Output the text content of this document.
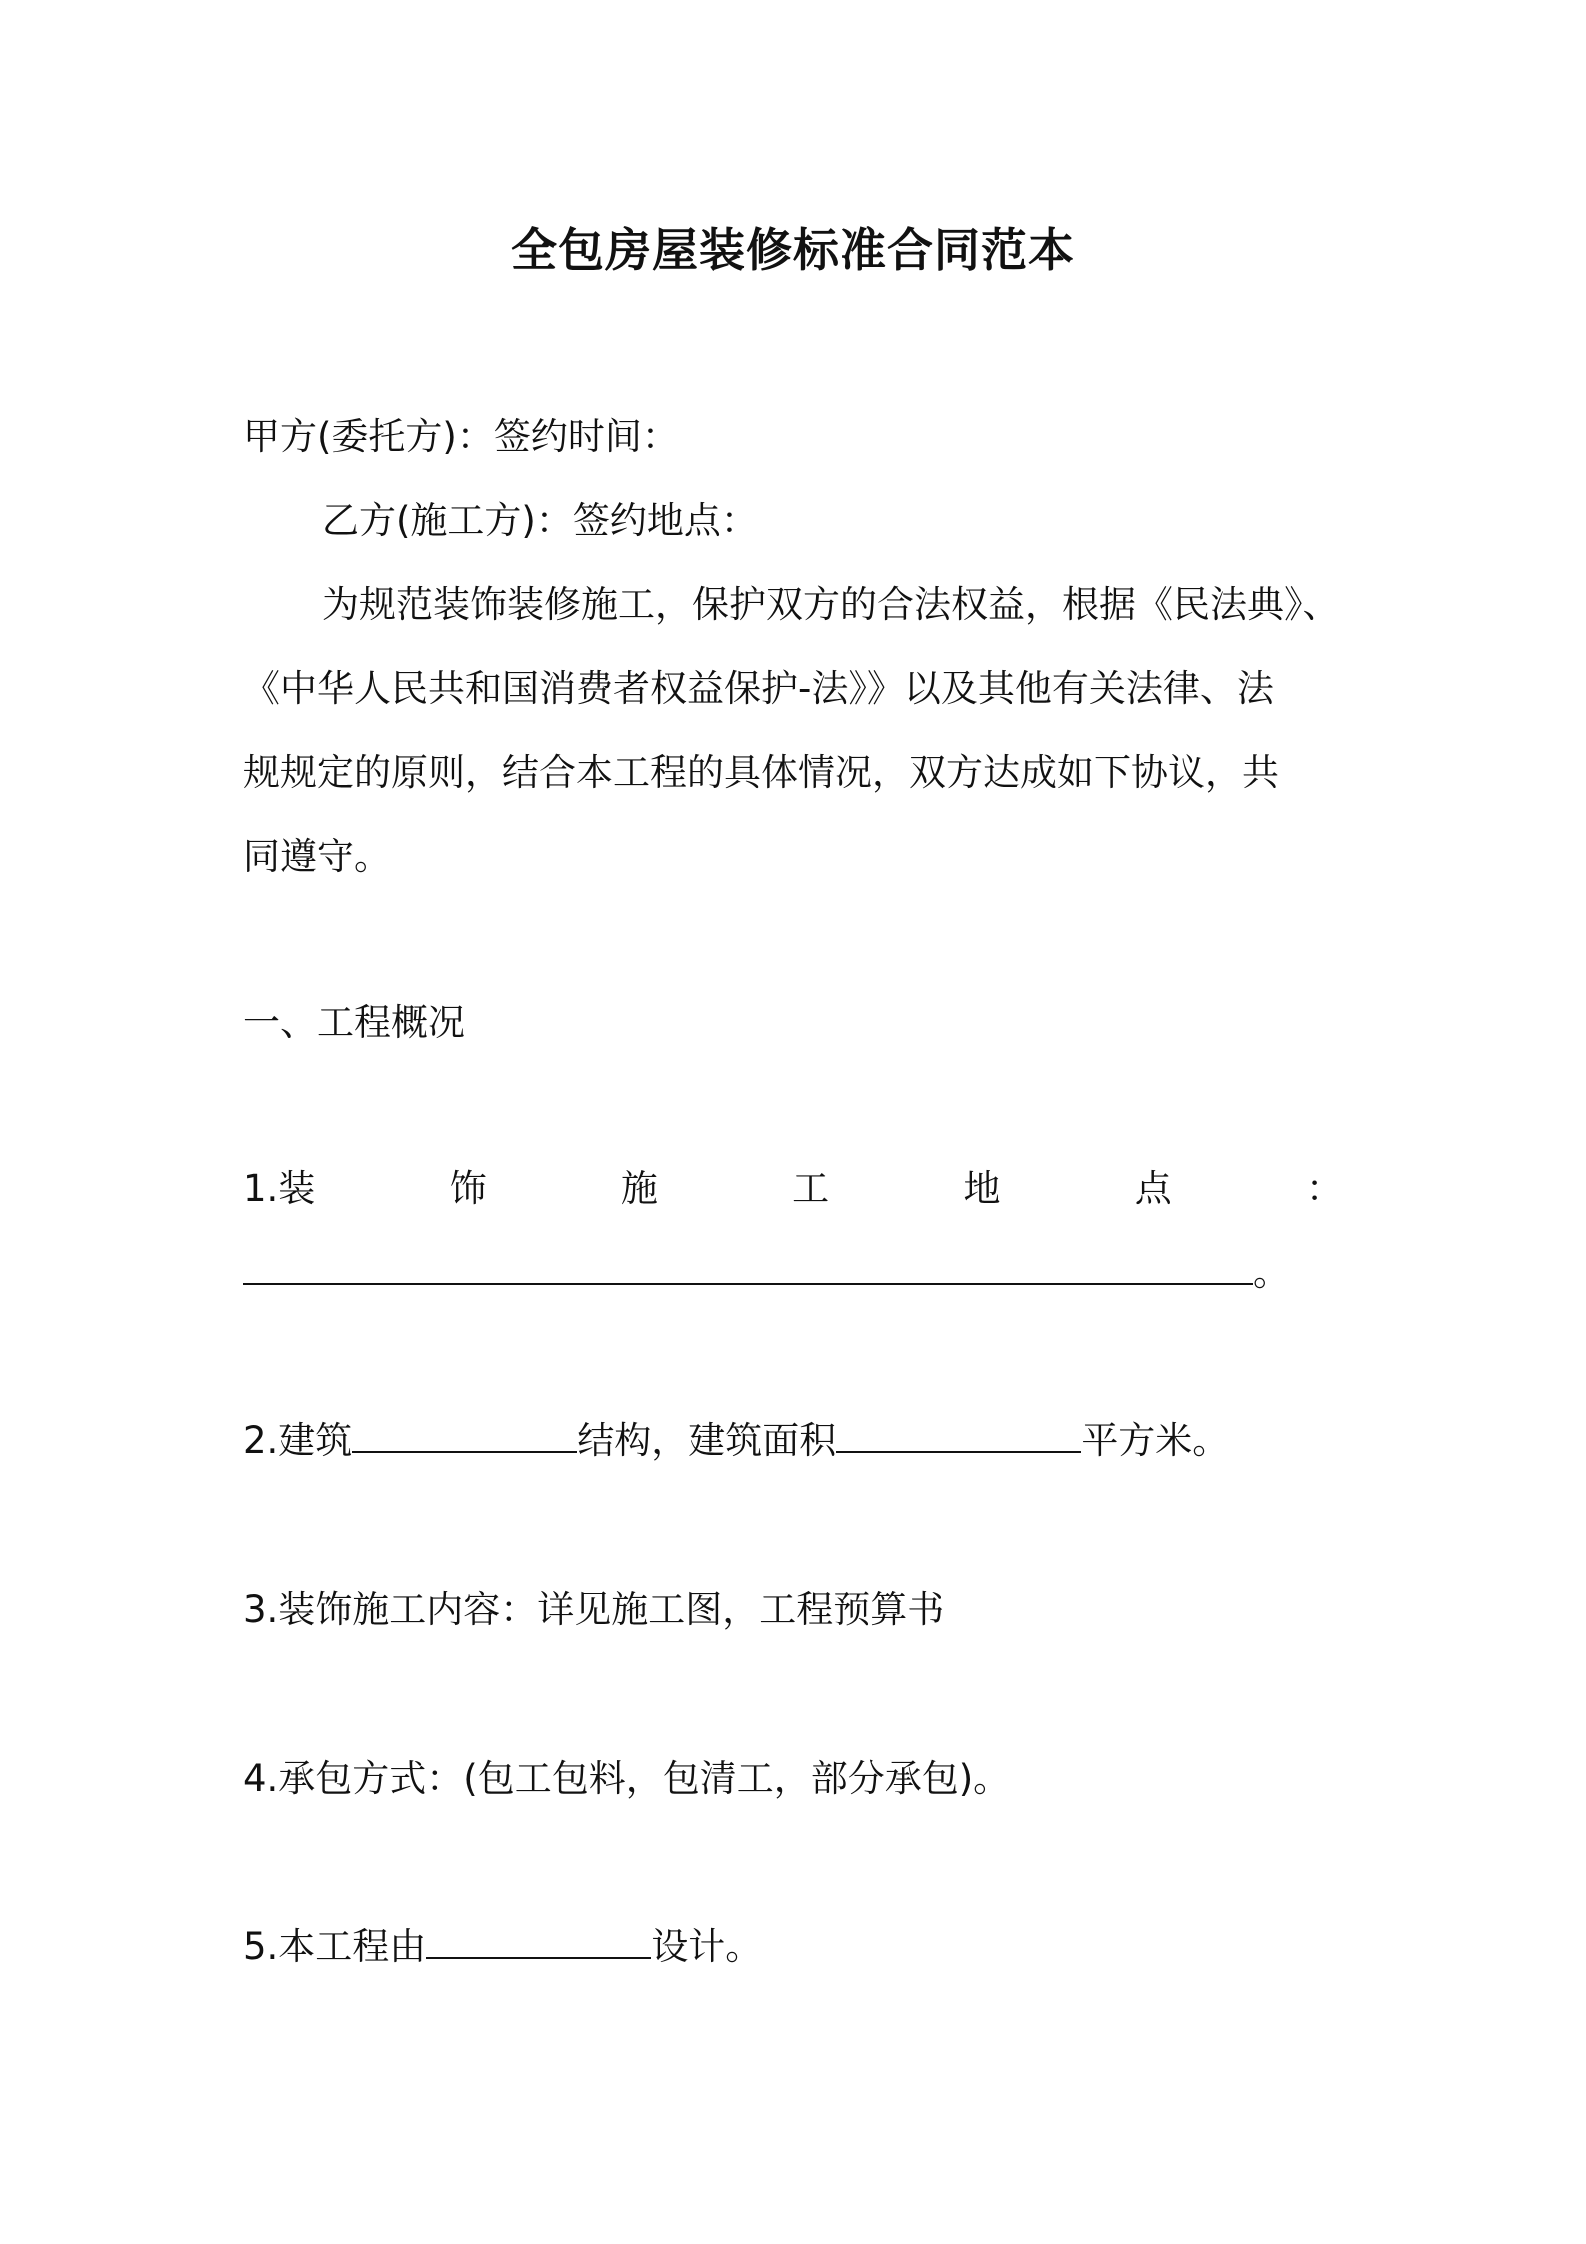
全包房屋装修标准合同范本
甲方(委托方)：签约时间：
乙方(施工方)：签约地点：
为规范装饰装修施工，保护双方的合法权益，根据《民法典》、
《中华人民共和国消费者权益保护-法》》以及其他有关法律、法
规规定的原则，结合本工程的具体情况，双方达成如下协议，共
同遵守。
一、工程概况
1.装	饰	施	工	地	点	：
。
2.建筑	结构，建筑面积	平方米。
3.装饰施工内容：详见施工图，工程预算书
4.承包方式：(包工包料，包清工，部分承包)。
5.本工程由	设计。
